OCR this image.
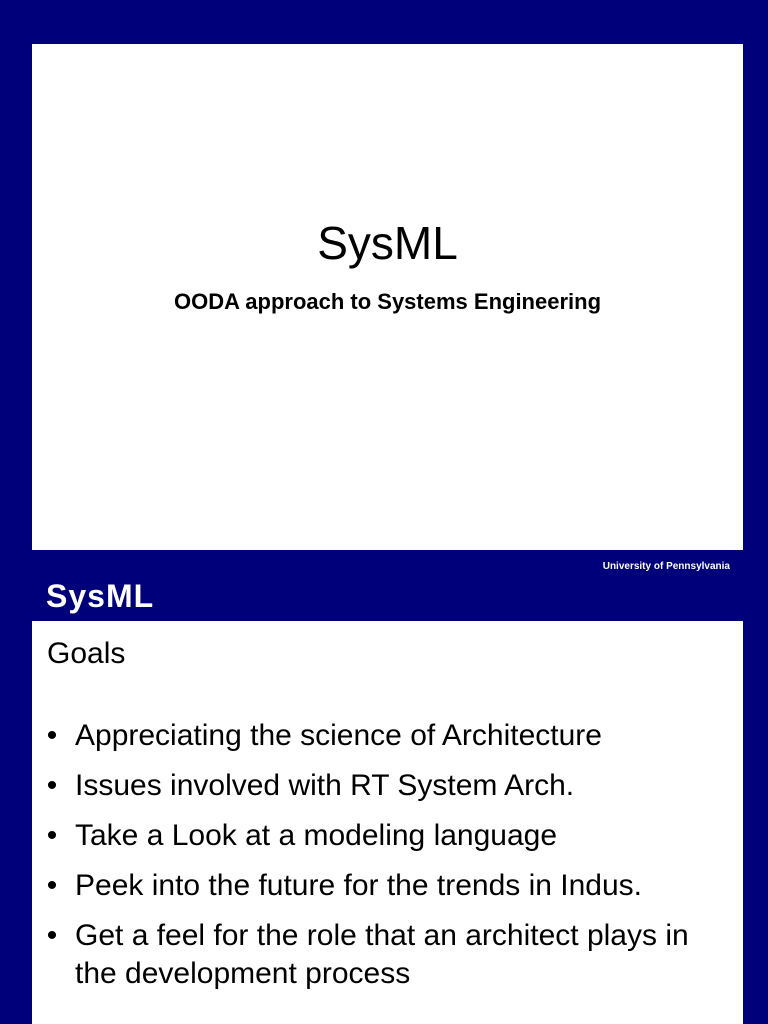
SysML
OODA approach to Systems Engineering
University of Pennsylvania
SysML
Goals
• Appreciating the science of Architecture
• Issues involved with RT System Arch.
• Take a Look at a modeling language
• Peek into the future for the trends in Indus.
• Get a feel for the role that an architect plays in the development process
